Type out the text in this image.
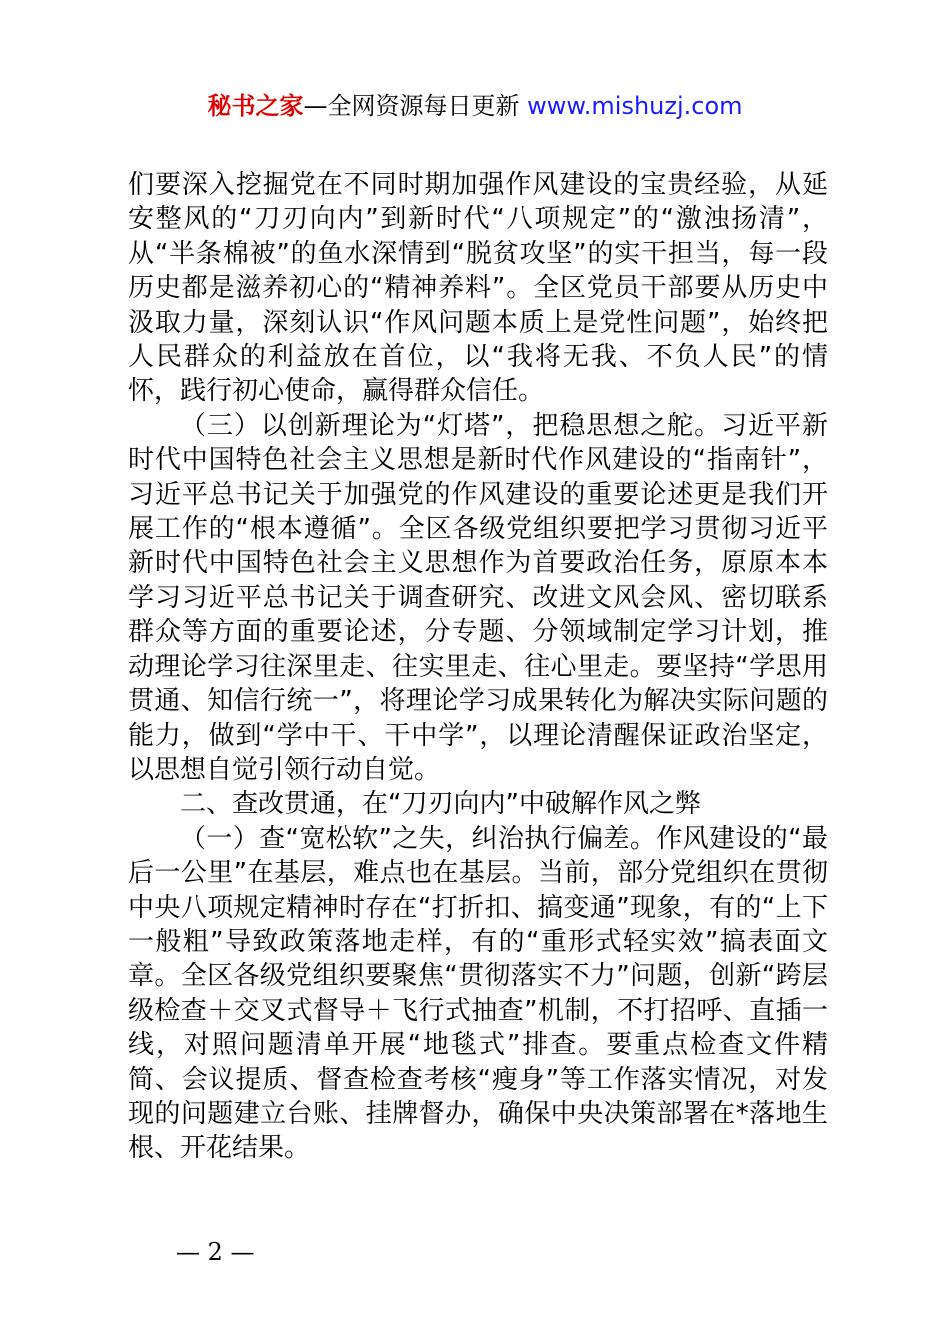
秘书之家—全网资源每日更新 www.mishuzj.com

们要深入挖掘党在不同时期加强作风建设的宝贵经验，从延安整风的“刀刃向内”到新时代“八项规定”的“激浊扬清”，从“半条棉被”的鱼水深情到“脱贫攻坚”的实干担当，每一段历史都是滋养初心的“精神养料”。全区党员干部要从历史中汲取力量，深刻认识“作风问题本质上是党性问题”，始终把人民群众的利益放在首位，以“我将无我、不负人民”的情怀，践行初心使命，赢得群众信任。

（三）以创新理论为“灯塔”，把稳思想之舵。习近平新时代中国特色社会主义思想是新时代作风建设的“指南针”，习近平总书记关于加强党的作风建设的重要论述更是我们开展工作的“根本遵循”。全区各级党组织要把学习贯彻习近平新时代中国特色社会主义思想作为首要政治任务，原原本本学习习近平总书记关于调查研究、改进文风会风、密切联系群众等方面的重要论述，分专题、分领域制定学习计划，推动理论学习往深里走、往实里走、往心里走。要坚持“学思用贯通、知信行统一”，将理论学习成果转化为解决实际问题的能力，做到“学中干、干中学”，以理论清醒保证政治坚定，以思想自觉引领行动自觉。

二、查改贯通，在“刀刃向内”中破解作风之弊

（一）查“宽松软”之失，纠治执行偏差。作风建设的“最后一公里”在基层，难点也在基层。当前，部分党组织在贯彻中央八项规定精神时存在“打折扣、搞变通”现象，有的“上下一般粗”导致政策落地走样，有的“重形式轻实效”搞表面文章。全区各级党组织要聚焦“贯彻落实不力”问题，创新“跨层级检查＋交叉式督导＋飞行式抽查”机制，不打招呼、直插一线，对照问题清单开展“地毯式”排查。要重点检查文件精简、会议提质、督查检查考核“瘦身”等工作落实情况，对发现的问题建立台账、挂牌督办，确保中央决策部署在*落地生根、开花结果。

— 2 —
